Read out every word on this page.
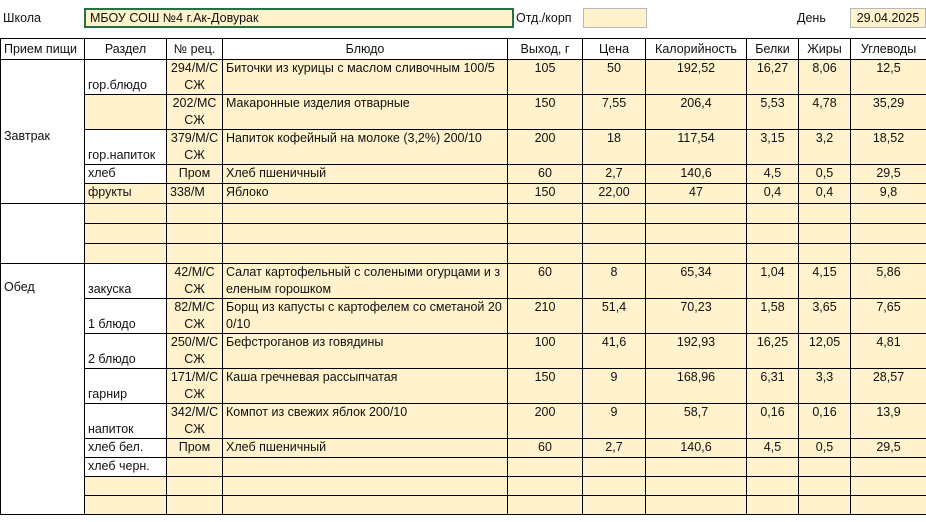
Школа	МБОУ СОШ №4 г.Ак-Довурак	Отд./корп	День	29.04.2025
Прием пищи	Раздел	№ рец.	Блюдо	Выход, г	Цена	Калорийность	Белки	Жиры	Углеводы

Завтрак	гор.блюдо	294/М/ССЖ	Биточки из курицы с маслом сливочным 100/5	105	50	192,52	16,27	8,06	12,5
		202/МССЖ	Макаронные изделия отварные	150	7,55	206,4	5,53	4,78	35,29
	гор.напиток	379/М/ССЖ	Напиток кофейный на молоке (3,2%) 200/10	200	18	117,54	3,15	3,2	18,52
	хлеб	Пром	Хлеб пшеничный	60	2,7	140,6	4,5	0,5	29,5
	фрукты	338/М	Яблоко	150	22,00	47	0,4	0,4	9,8

Обед	закуска	42/М/ССЖ	Салат картофельный с солеными огурцами и зеленым горошком	60	8	65,34	1,04	4,15	5,86
	1 блюдо	82/М/ССЖ	Борщ из капусты с картофелем со сметаной 200/10	210	51,4	70,23	1,58	3,65	7,65
	2 блюдо	250/М/ССЖ	Бефстроганов из говядины	100	41,6	192,93	16,25	12,05	4,81
	гарнир	171/М/ССЖ	Каша гречневая рассыпчатая	150	9	168,96	6,31	3,3	28,57
	напиток	342/М/ССЖ	Компот из свежих яблок 200/10	200	9	58,7	0,16	0,16	13,9
	хлеб бел.	Пром	Хлеб пшеничный	60	2,7	140,6	4,5	0,5	29,5
	хлеб черн.								
